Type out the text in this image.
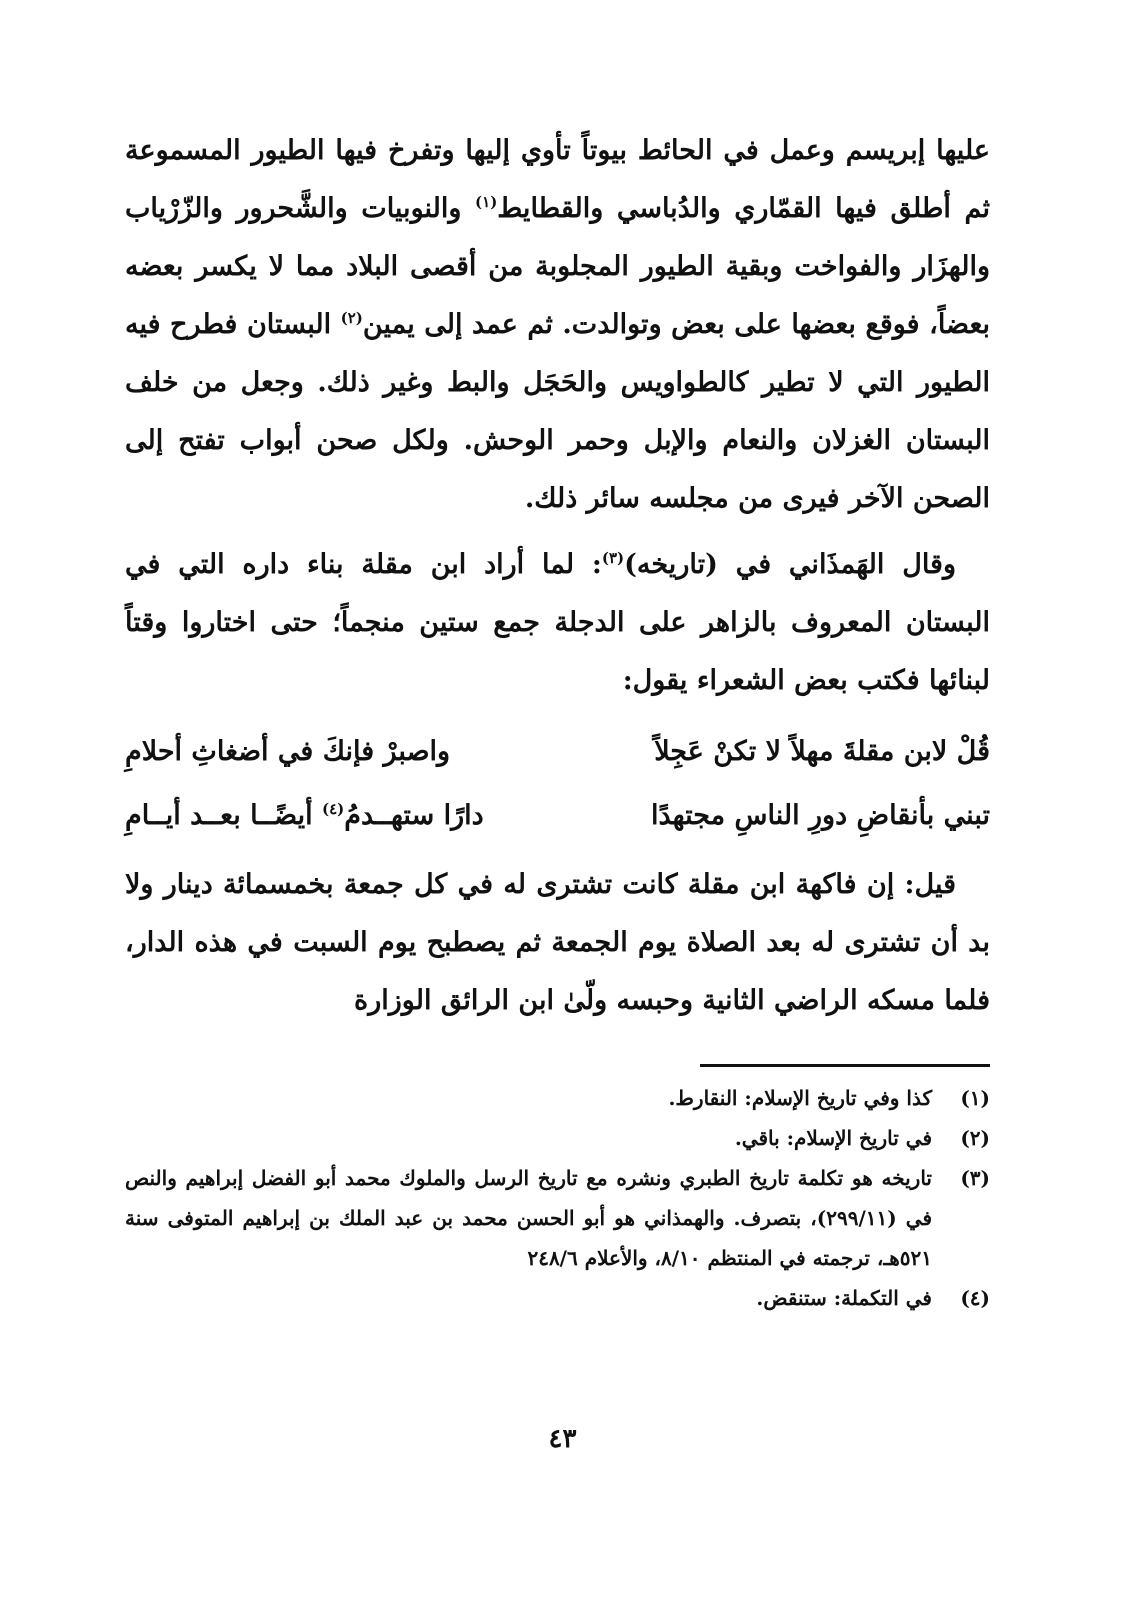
عليها إبريسم وعمل في الحائط بيوتاً تأوي إليها وتفرخ فيها الطيور المسموعة ثم أطلق فيها القمّاري والدُباسي والقطايط$^{(١)}$ والنوبيات والشَّحرور والزّرْياب والهزَار والفواخت وبقية الطيور المجلوبة من أقصى البلاد مما لا يكسر بعضه بعضاً، فوقع بعضها على بعض وتوالدت. ثم عمد إلى يمين$^{(٢)}$ البستان فطرح فيه الطيور التي لا تطير كالطواويس والحَجَل والبط وغير ذلك. وجعل من خلف البستان الغزلان والنعام والإبل وحمر الوحش. ولكل صحن أبواب تفتح إلى الصحن الآخر فيرى من مجلسه سائر ذلك.

وقال الهَمذَاني في (تاريخه)$^{(٣)}$: لما أراد ابن مقلة بناء داره التي في البستان المعروف بالزاهر على الدجلة جمع ستين منجماً؛ حتى اختاروا وقتاً لبنائها فكتب بعض الشعراء يقول:

قُلْ لابن مقلةَ مهلاً لا تكنْ عَجِلاً
واصبرْ فإنكَ في أضغاثِ أحلامِ
تبني بأنقاضِ دورِ الناسِ مجتهدًا
دارًا ستهــدمُ$^{(٤)}$ أيضًــا بعــد أيــامِ

قيل: إن فاكهة ابن مقلة كانت تشترى له في كل جمعة بخمسمائة دينار ولا بد أن تشترى له بعد الصلاة يوم الجمعة ثم يصطبح يوم السبت في هذه الدار، فلما مسكه الراضي الثانية وحبسه ولّىٰ ابن الرائق الوزارة

(١)
كذا وفي تاريخ الإسلام: النقارط.
(٢)
في تاريخ الإسلام: باقي.
(٣)
تاريخه هو تكلمة تاريخ الطبري ونشره مع تاريخ الرسل والملوك محمد أبو الفضل إبراهيم والنص في (٢٩٩/١١)، بتصرف. والهمذاني هو أبو الحسن محمد بن عبد الملك بن إبراهيم المتوفى سنة ٥٢١هـ، ترجمته في المنتظم ٨/١٠، والأعلام ٢٤٨/٦
(٤)
في التكملة: ستنقض.
٤٣
